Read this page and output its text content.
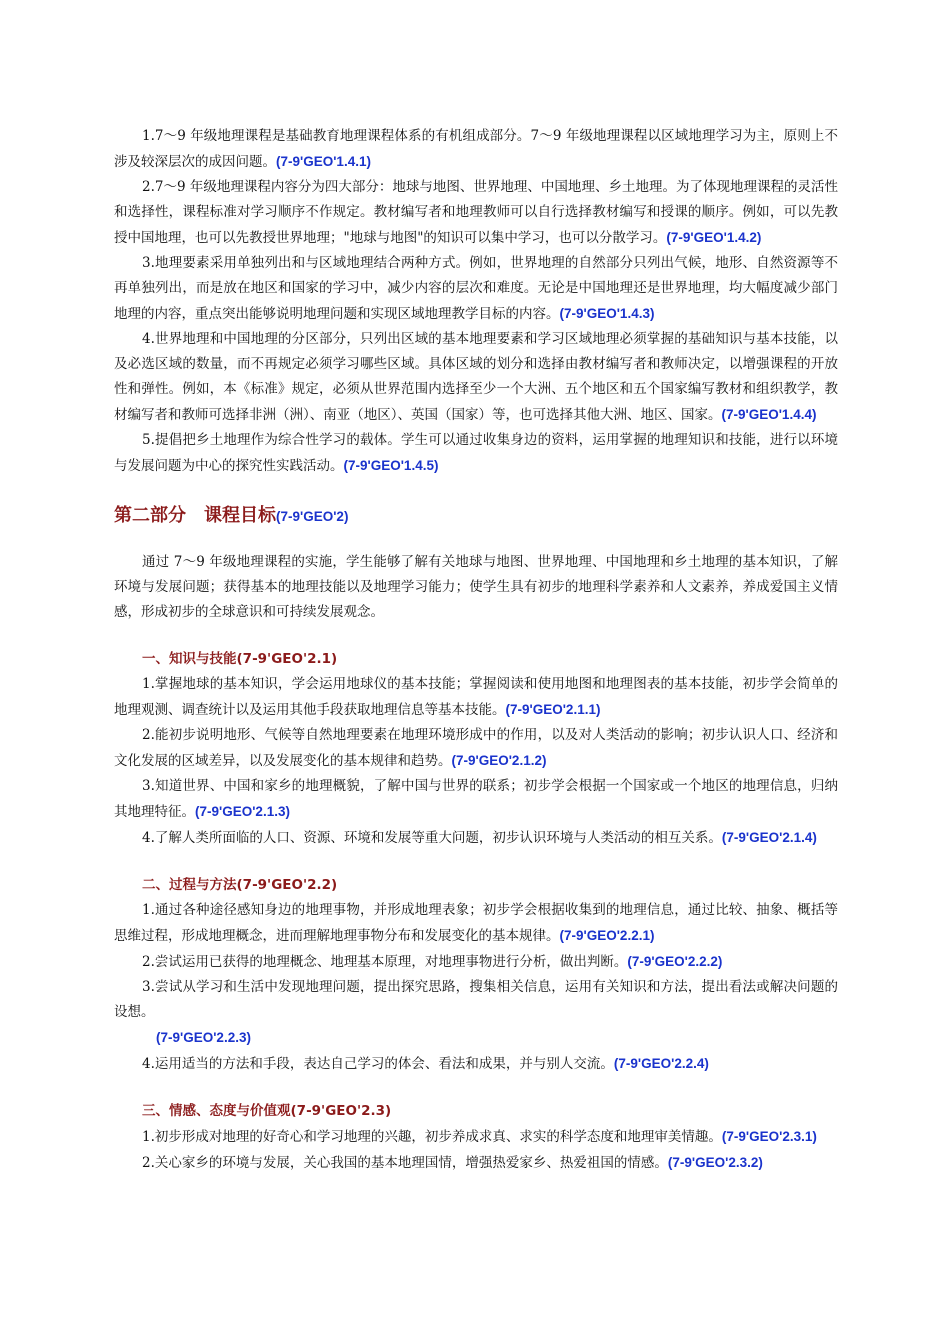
1.7～9 年级地理课程是基础教育地理课程体系的有机组成部分。7～9 年级地理课程以区域地理学习为主，原则上不涉及较深层次的成因问题。(7-9'GEO'1.4.1)

2.7～9 年级地理课程内容分为四大部分：地球与地图、世界地理、中国地理、乡土地理。为了体现地理课程的灵活性和选择性，课程标准对学习顺序不作规定。教材编写者和地理教师可以自行选择教材编写和授课的顺序。例如，可以先教授中国地理，也可以先教授世界地理；"地球与地图"的知识可以集中学习，也可以分散学习。(7-9'GEO'1.4.2)

3.地理要素采用单独列出和与区域地理结合两种方式。例如，世界地理的自然部分只列出气候，地形、自然资源等不再单独列出，而是放在地区和国家的学习中，减少内容的层次和难度。无论是中国地理还是世界地理，均大幅度减少部门地理的内容，重点突出能够说明地理问题和实现区域地理教学目标的内容。(7-9'GEO'1.4.3)

4.世界地理和中国地理的分区部分，只列出区域的基本地理要素和学习区域地理必须掌握的基础知识与基本技能，以及必选区域的数量，而不再规定必须学习哪些区域。具体区域的划分和选择由教材编写者和教师决定，以增强课程的开放性和弹性。例如，本《标准》规定，必须从世界范围内选择至少一个大洲、五个地区和五个国家编写教材和组织教学，教材编写者和教师可选择非洲（洲）、南亚（地区）、英国（国家）等，也可选择其他大洲、地区、国家。(7-9'GEO'1.4.4)

5.提倡把乡土地理作为综合性学习的载体。学生可以通过收集身边的资料，运用掌握的地理知识和技能，进行以环境与发展问题为中心的探究性实践活动。(7-9'GEO'1.4.5)

第二部分　课程目标(7-9'GEO'2)

通过 7～9 年级地理课程的实施，学生能够了解有关地球与地图、世界地理、中国地理和乡土地理的基本知识，了解环境与发展问题；获得基本的地理技能以及地理学习能力；使学生具有初步的地理科学素养和人文素养，养成爱国主义情感，形成初步的全球意识和可持续发展观念。

一、知识与技能(7-9'GEO'2.1)

1.掌握地球的基本知识，学会运用地球仪的基本技能；掌握阅读和使用地图和地理图表的基本技能，初步学会简单的地理观测、调查统计以及运用其他手段获取地理信息等基本技能。(7-9'GEO'2.1.1)

2.能初步说明地形、气候等自然地理要素在地理环境形成中的作用，以及对人类活动的影响；初步认识人口、经济和文化发展的区域差异，以及发展变化的基本规律和趋势。(7-9'GEO'2.1.2)

3.知道世界、中国和家乡的地理概貌，了解中国与世界的联系；初步学会根据一个国家或一个地区的地理信息，归纳其地理特征。(7-9'GEO'2.1.3)

4.了解人类所面临的人口、资源、环境和发展等重大问题，初步认识环境与人类活动的相互关系。(7-9'GEO'2.1.4)

二、过程与方法(7-9'GEO'2.2)

1.通过各种途径感知身边的地理事物，并形成地理表象；初步学会根据收集到的地理信息，通过比较、抽象、概括等思维过程，形成地理概念，进而理解地理事物分布和发展变化的基本规律。(7-9'GEO'2.2.1)

2.尝试运用已获得的地理概念、地理基本原理，对地理事物进行分析，做出判断。(7-9'GEO'2.2.2)

3.尝试从学习和生活中发现地理问题，提出探究思路，搜集相关信息，运用有关知识和方法，提出看法或解决问题的设想。

(7-9'GEO'2.2.3)

4.运用适当的方法和手段，表达自己学习的体会、看法和成果，并与别人交流。(7-9'GEO'2.2.4)

三、情感、态度与价值观(7-9'GEO'2.3)

1.初步形成对地理的好奇心和学习地理的兴趣，初步养成求真、求实的科学态度和地理审美情趣。(7-9'GEO'2.3.1)

2.关心家乡的环境与发展，关心我国的基本地理国情，增强热爱家乡、热爱祖国的情感。(7-9'GEO'2.3.2)
